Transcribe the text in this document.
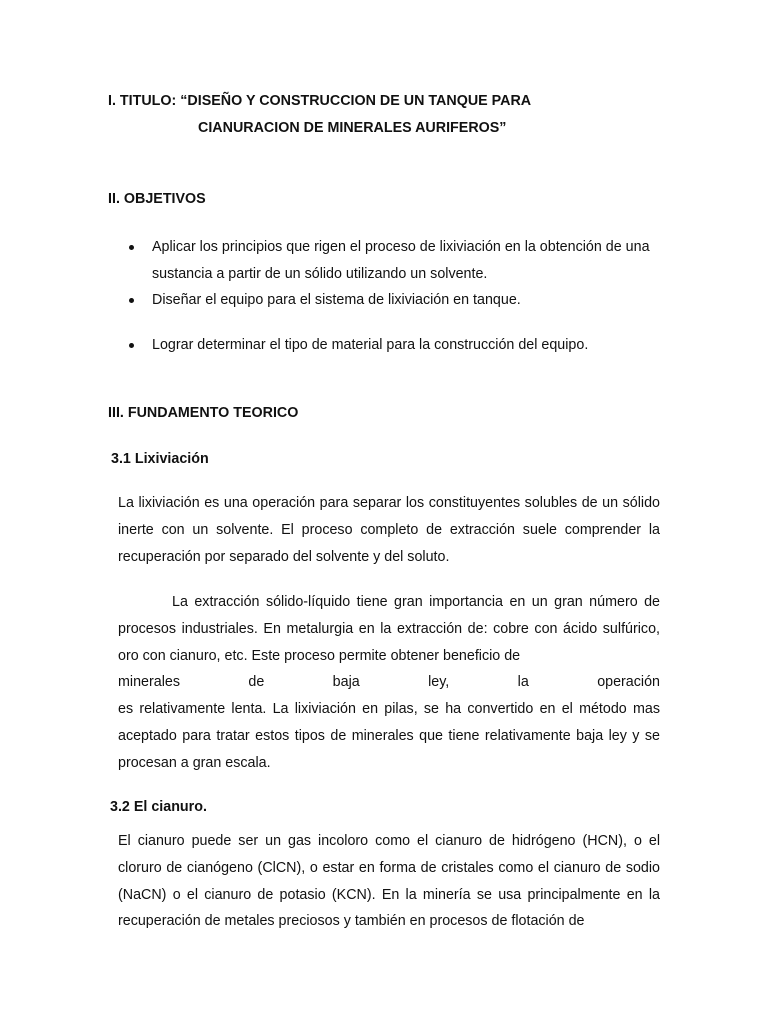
I. TITULO: “DISEÑO Y CONSTRUCCION DE UN TANQUE PARA
CIANURACION DE MINERALES AURIFEROS”
II. OBJETIVOS
Aplicar los principios que rigen el proceso de lixiviación en la obtención de una sustancia a partir de un sólido utilizando un solvente.
Diseñar el equipo para el sistema de lixiviación en tanque.
Lograr determinar el tipo de material para la construcción del equipo.
III. FUNDAMENTO TEORICO
3.1 Lixiviación

La lixiviación es una operación para separar los constituyentes solubles de un sólido inerte con un solvente. El proceso completo de extracción suele comprender la recuperación por separado del solvente y del soluto.

La extracción sólido-líquido tiene gran importancia en un gran número de procesos industriales. En metalurgia en la extracción de: cobre con ácido sulfúrico, oro con cianuro, etc. Este proceso permite obtener beneficio de
minerales de baja ley, la operación
es relativamente lenta. La lixiviación en pilas, se ha convertido en el método mas aceptado para tratar estos tipos de minerales que tiene relativamente baja ley y se procesan a gran escala.
3.2 El cianuro.

El cianuro puede ser un gas incoloro como el cianuro de hidrógeno (HCN), o el cloruro de cianógeno (ClCN), o estar en forma de cristales como el cianuro de sodio (NaCN) o el cianuro de potasio (KCN). En la minería se usa principalmente en la recuperación de metales preciosos y también en procesos de flotación de
